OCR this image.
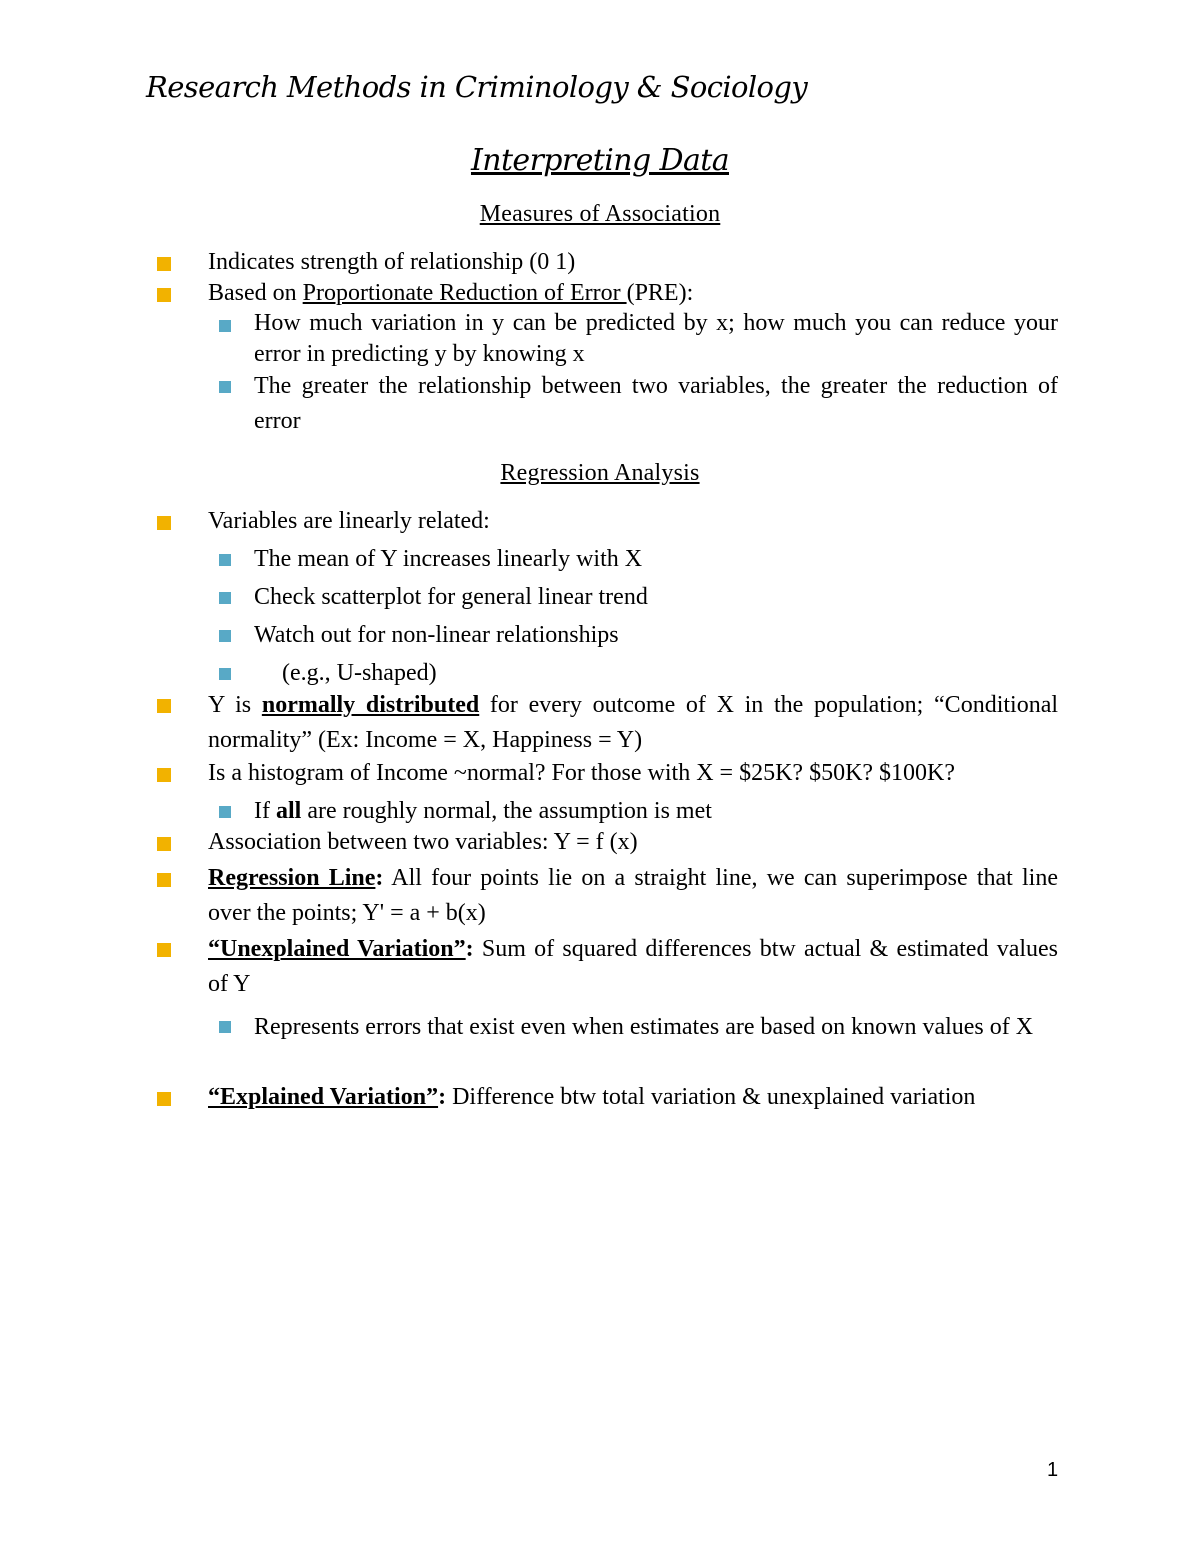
Research Methods in Criminology & Sociology
Interpreting Data
Measures of Association
Indicates strength of relationship (0 1)
Based on Proportionate Reduction of Error (PRE):
How much variation in y can be predicted by x; how much you can reduce your error in predicting y by knowing x
The greater the relationship between two variables, the greater the reduction of error
Regression Analysis
Variables are linearly related:
The mean of Y increases linearly with X
Check scatterplot for general linear trend
Watch out for non-linear relationships
(e.g., U-shaped)
Y is normally distributed for every outcome of X in the population; “Conditional normality” (Ex: Income = X, Happiness = Y)
Is a histogram of Income ~normal? For those with X = $25K? $50K? $100K?
If all are roughly normal, the assumption is met
Association between two variables: Y = f (x)
Regression Line: All four points lie on a straight line, we can superimpose that line over the points; Y' = a + b(x)
“Unexplained Variation”: Sum of squared differences btw actual & estimated values of Y
Represents errors that exist even when estimates are based on known values of X
“Explained Variation”: Difference btw total variation & unexplained variation
1
